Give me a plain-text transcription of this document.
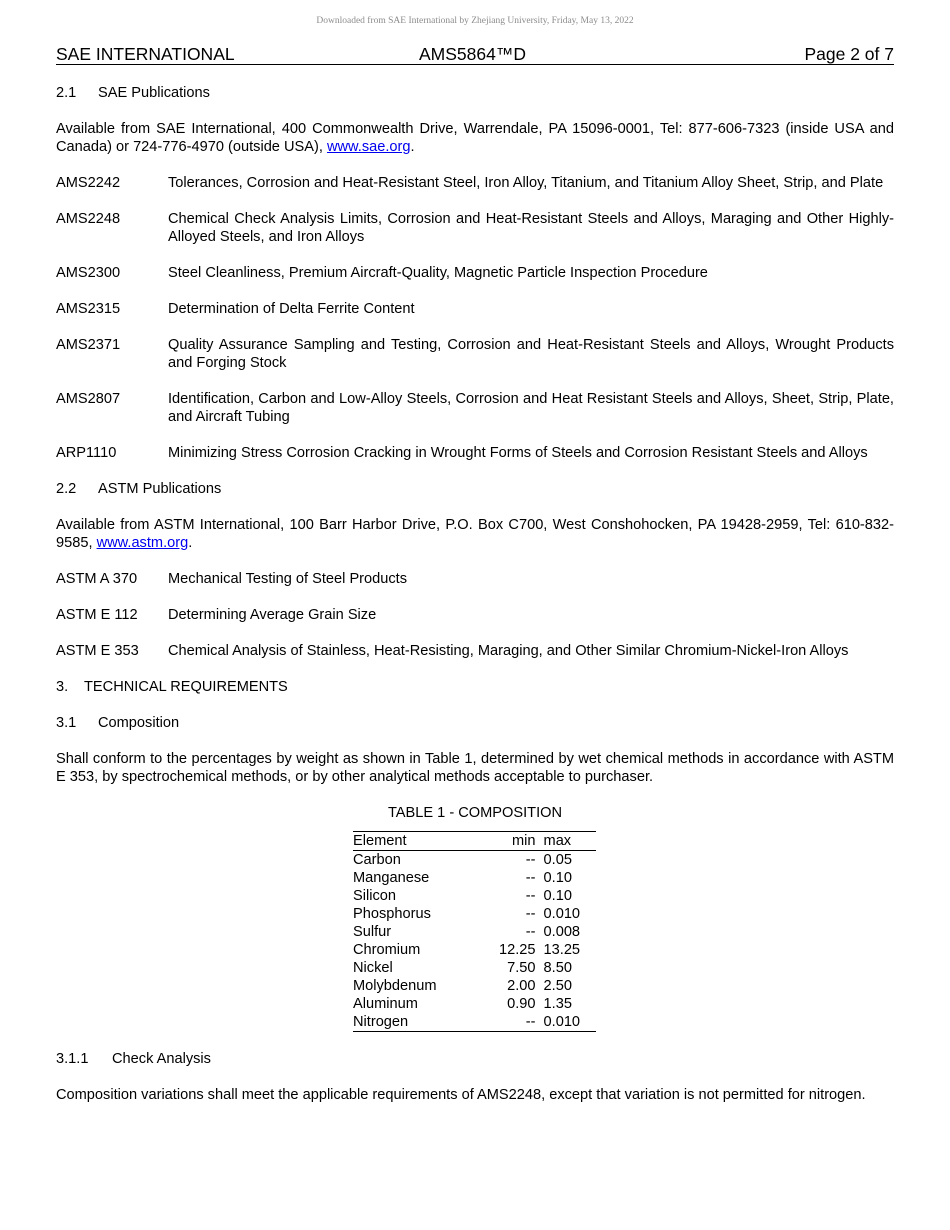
Downloaded from SAE International by Zhejiang University, Friday, May 13, 2022
SAE INTERNATIONAL	AMS5864™D	Page 2 of 7

2.1 SAE Publications

Available from SAE International, 400 Commonwealth Drive, Warrendale, PA 15096-0001, Tel: 877-606-7323 (inside USA and Canada) or 724-776-4970 (outside USA), www.sae.org.

AMS2242	Tolerances, Corrosion and Heat-Resistant Steel, Iron Alloy, Titanium, and Titanium Alloy Sheet, Strip, and Plate
AMS2248	Chemical Check Analysis Limits, Corrosion and Heat-Resistant Steels and Alloys, Maraging and Other Highly-Alloyed Steels, and Iron Alloys
AMS2300	Steel Cleanliness, Premium Aircraft-Quality, Magnetic Particle Inspection Procedure
AMS2315	Determination of Delta Ferrite Content
AMS2371	Quality Assurance Sampling and Testing, Corrosion and Heat-Resistant Steels and Alloys, Wrought Products and Forging Stock
AMS2807	Identification, Carbon and Low-Alloy Steels, Corrosion and Heat Resistant Steels and Alloys, Sheet, Strip, Plate, and Aircraft Tubing
ARP1110	Minimizing Stress Corrosion Cracking in Wrought Forms of Steels and Corrosion Resistant Steels and Alloys

2.2 ASTM Publications

Available from ASTM International, 100 Barr Harbor Drive, P.O. Box C700, West Conshohocken, PA 19428-2959, Tel: 610-832-9585, www.astm.org.

ASTM A 370	Mechanical Testing of Steel Products
ASTM E 112	Determining Average Grain Size
ASTM E 353	Chemical Analysis of Stainless, Heat-Resisting, Maraging, and Other Similar Chromium-Nickel-Iron Alloys

3. TECHNICAL REQUIREMENTS

3.1 Composition

Shall conform to the percentages by weight as shown in Table 1, determined by wet chemical methods in accordance with ASTM E 353, by spectrochemical methods, or by other analytical methods acceptable to purchaser.

TABLE 1 - COMPOSITION

Element	min	max
Carbon	--	0.05
Manganese	--	0.10
Silicon	--	0.10
Phosphorus	--	0.010
Sulfur	--	0.008
Chromium	12.25	13.25
Nickel	7.50	8.50
Molybdenum	2.00	2.50
Aluminum	0.90	1.35
Nitrogen	--	0.010

3.1.1 Check Analysis

Composition variations shall meet the applicable requirements of AMS2248, except that variation is not permitted for nitrogen.
